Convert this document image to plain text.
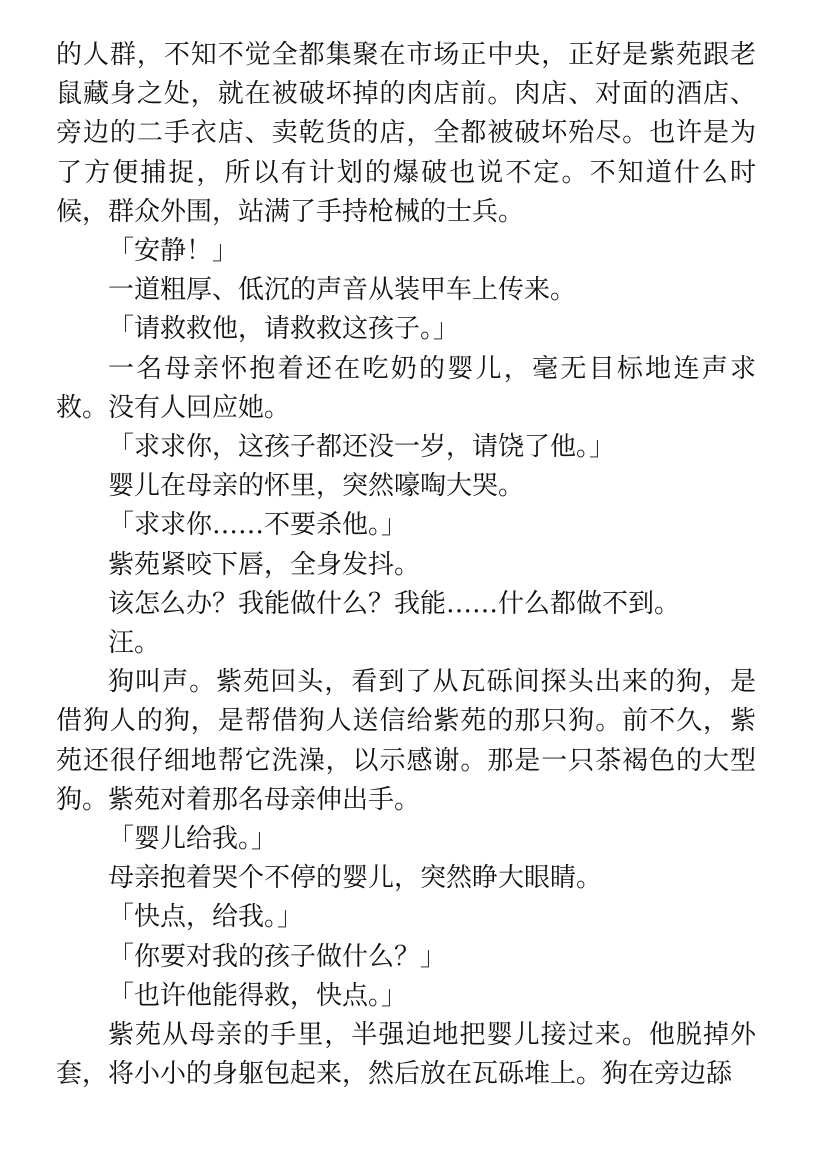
的人群，不知不觉全都集聚在市场正中央，正好是紫苑跟老鼠藏身之处，就在被破坏掉的肉店前。肉店、对面的酒店、旁边的二手衣店、卖乾货的店，全都被破坏殆尽。也许是为了方便捕捉，所以有计划的爆破也说不定。不知道什么时候，群众外围，站满了手持枪械的士兵。

「安静！」

一道粗厚、低沉的声音从装甲车上传来。

「请救救他，请救救这孩子。」

一名母亲怀抱着还在吃奶的婴儿，毫无目标地连声求救。没有人回应她。

「求求你，这孩子都还没一岁，请饶了他。」

婴儿在母亲的怀里，突然嚎啕大哭。

「求求你……不要杀他。」

紫苑紧咬下唇，全身发抖。

该怎么办？我能做什么？我能……什么都做不到。

汪。

狗叫声。紫苑回头，看到了从瓦砾间探头出来的狗，是借狗人的狗，是帮借狗人送信给紫苑的那只狗。前不久，紫苑还很仔细地帮它洗澡，以示感谢。那是一只茶褐色的大型狗。紫苑对着那名母亲伸出手。

「婴儿给我。」

母亲抱着哭个不停的婴儿，突然睁大眼睛。

「快点，给我。」

「你要对我的孩子做什么？」

「也许他能得救，快点。」

紫苑从母亲的手里，半强迫地把婴儿接过来。他脱掉外套，将小小的身躯包起来，然后放在瓦砾堆上。狗在旁边舔
